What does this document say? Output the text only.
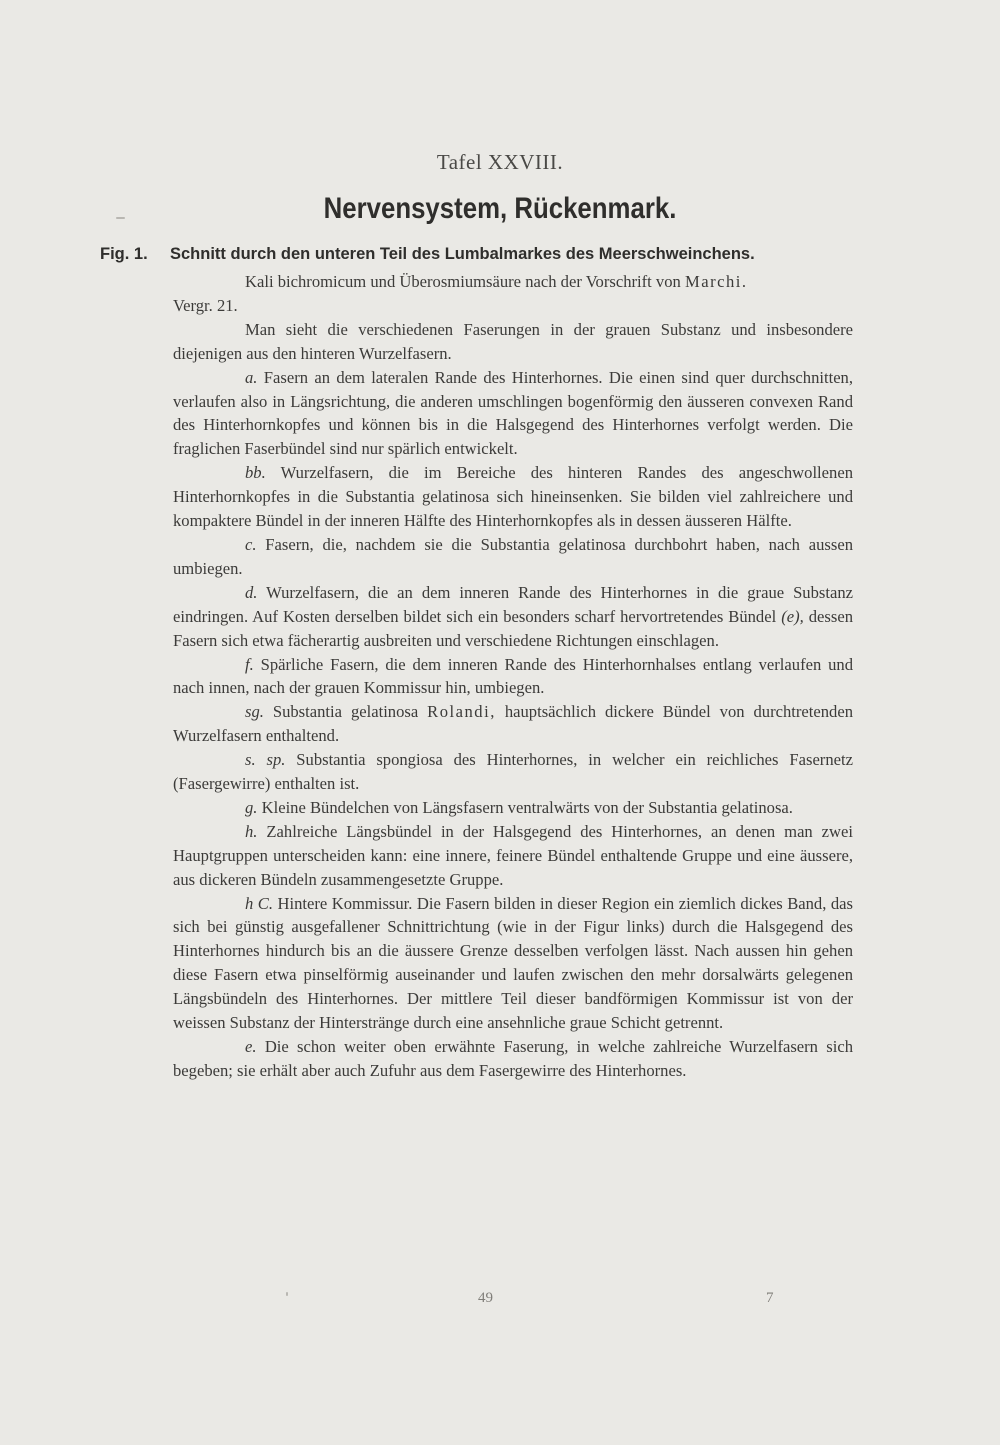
Tafel XXVIII.
Nervensystem, Rückenmark.
Fig. 1. Schnitt durch den unteren Teil des Lumbalmarkes des Meerschweinchens.

Kali bichromicum und Überosmiumsäure nach der Vorschrift von Marchi.

Vergr. 21.

Man sieht die verschiedenen Faserungen in der grauen Substanz und insbesondere diejenigen aus den hinteren Wurzelfasern.

a. Fasern an dem lateralen Rande des Hinterhornes. Die einen sind quer durchschnitten, verlaufen also in Längsrichtung, die anderen umschlingen bogenförmig den äusseren convexen Rand des Hinterhornkopfes und können bis in die Halsgegend des Hinterhornes verfolgt werden. Die fraglichen Faserbündel sind nur spärlich entwickelt.

bb. Wurzelfasern, die im Bereiche des hinteren Randes des angeschwollenen Hinterhornkopfes in die Substantia gelatinosa sich hineinsenken. Sie bilden viel zahlreichere und kompaktere Bündel in der inneren Hälfte des Hinterhornkopfes als in dessen äusseren Hälfte.

c. Fasern, die, nachdem sie die Substantia gelatinosa durchbohrt haben, nach aussen umbiegen.

d. Wurzelfasern, die an dem inneren Rande des Hinterhornes in die graue Substanz eindringen. Auf Kosten derselben bildet sich ein besonders scharf hervortretendes Bündel (e), dessen Fasern sich etwa fächerartig ausbreiten und verschiedene Richtungen einschlagen.

f. Spärliche Fasern, die dem inneren Rande des Hinterhornhalses entlang verlaufen und nach innen, nach der grauen Kommissur hin, umbiegen.

sg. Substantia gelatinosa Rolandi, hauptsächlich dickere Bündel von durchtretenden Wurzelfasern enthaltend.

s. sp. Substantia spongiosa des Hinterhornes, in welcher ein reichliches Fasernetz (Fasergewirre) enthalten ist.

g. Kleine Bündelchen von Längsfasern ventralwärts von der Substantia gelatinosa.

h. Zahlreiche Längsbündel in der Halsgegend des Hinterhornes, an denen man zwei Hauptgruppen unterscheiden kann: eine innere, feinere Bündel enthaltende Gruppe und eine äussere, aus dickeren Bündeln zusammengesetzte Gruppe.

h C. Hintere Kommissur. Die Fasern bilden in dieser Region ein ziemlich dickes Band, das sich bei günstig ausgefallener Schnittrichtung (wie in der Figur links) durch die Halsgegend des Hinterhornes hindurch bis an die äussere Grenze desselben verfolgen lässt. Nach aussen hin gehen diese Fasern etwa pinselförmig auseinander und laufen zwischen den mehr dorsalwärts gelegenen Längsbündeln des Hinterhornes. Der mittlere Teil dieser bandförmigen Kommissur ist von der weissen Substanz der Hinterstränge durch eine ansehnliche graue Schicht getrennt.

e. Die schon weiter oben erwähnte Faserung, in welche zahlreiche Wurzelfasern sich begeben; sie erhält aber auch Zufuhr aus dem Fasergewirre des Hinterhornes.

49	7
